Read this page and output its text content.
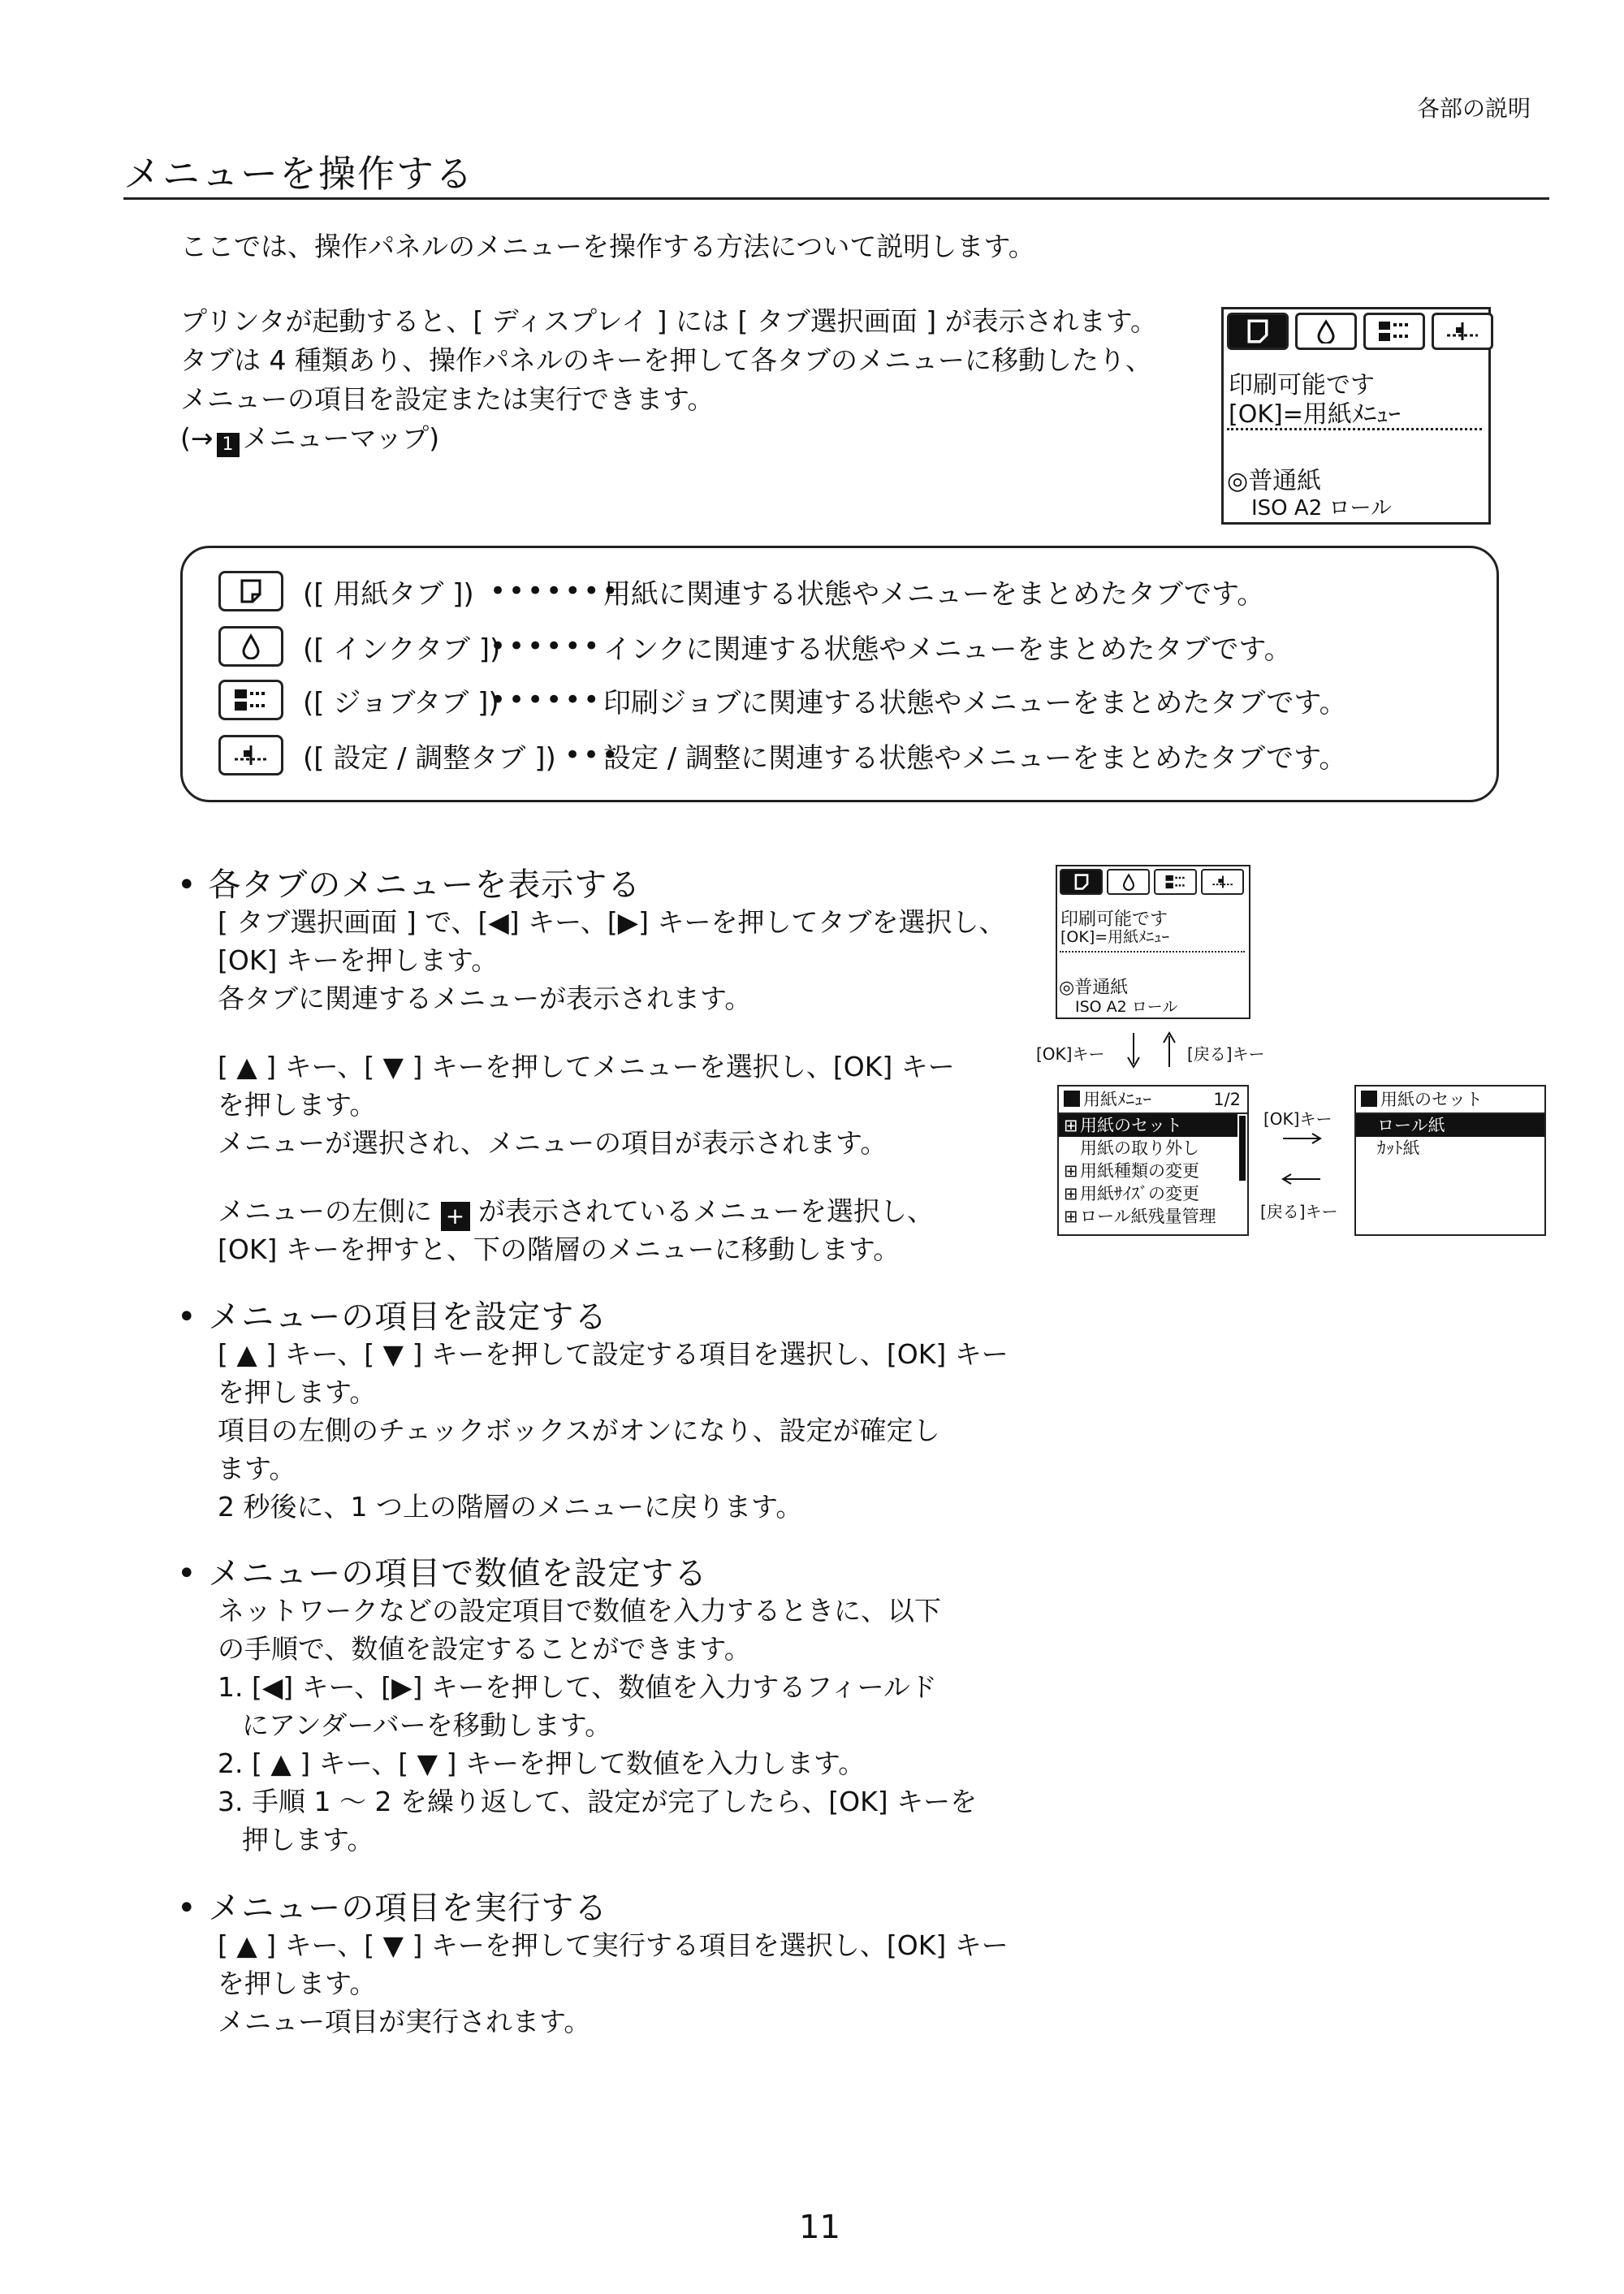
各部の説明
メニューを操作する
ここでは、操作パネルのメニューを操作する方法について説明します。
プリンタが起動すると、[ ディスプレイ ] には [ タブ選択画面 ] が表示されます。
タブは 4 種類あり、操作パネルのキーを押して各タブのメニューに移動したり、
メニューの項目を設定または実行できます。
(→ 1 メニューマップ)
印刷可能です
[OK]=用紙ﾒﾆｭｰ
◎普通紙
ISO A2 ロール
([ 用紙タブ ]) •••••••
用紙に関連する状態やメニューをまとめたタブです。
([ インクタブ ])
•••••• インクに関連する状態やメニューをまとめたタブです。
([ ジョブタブ ])
•••••• 印刷ジョブに関連する状態やメニューをまとめたタブです。
([ 設定 / 調整タブ ]) •••
設定 / 調整に関連する状態やメニューをまとめたタブです。
• 各タブのメニューを表示する
[ タブ選択画面 ] で、[◀] キー、[▶] キーを押してタブを選択し、
[OK] キーを押します。
各タブに関連するメニューが表示されます。
[ ▲ ] キー、[ ▼ ] キーを押してメニューを選択し、[OK] キー
を押します。
メニューが選択され、メニューの項目が表示されます。
メニューの左側に + が表示されているメニューを選択し、
[OK] キーを押すと、下の階層のメニューに移動します。
• メニューの項目を設定する
[ ▲ ] キー、[ ▼ ] キーを押して設定する項目を選択し、[OK] キー
を押します。
項目の左側のチェックボックスがオンになり、設定が確定し
ます。
2 秒後に、1 つ上の階層のメニューに戻ります。
• メニューの項目で数値を設定する
ネットワークなどの設定項目で数値を入力するときに、以下
の手順で、数値を設定することができます。
1. [◀] キー、[▶] キーを押して、数値を入力するフィールド
にアンダーバーを移動します。
2. [ ▲ ] キー、[ ▼ ] キーを押して数値を入力します。
3. 手順 1 〜 2 を繰り返して、設定が完了したら、[OK] キーを
押します。
• メニューの項目を実行する
[ ▲ ] キー、[ ▼ ] キーを押して実行する項目を選択し、[OK] キー
を押します。
メニュー項目が実行されます。
印刷可能です
[OK]=用紙ﾒﾆｭｰ
◎普通紙
ISO A2 ロール
[OK]キー	[戻る]キー
用紙ﾒﾆｭｰ	1/2
⊞ 用紙のセット
用紙の取り外し
⊞ 用紙種類の変更
⊞ 用紙ｻｲｽﾞの変更
⊞ ロール紙残量管理
[OK]キー
[戻る]キー
用紙のセット
ロール紙
ｶｯﾄ紙
11
